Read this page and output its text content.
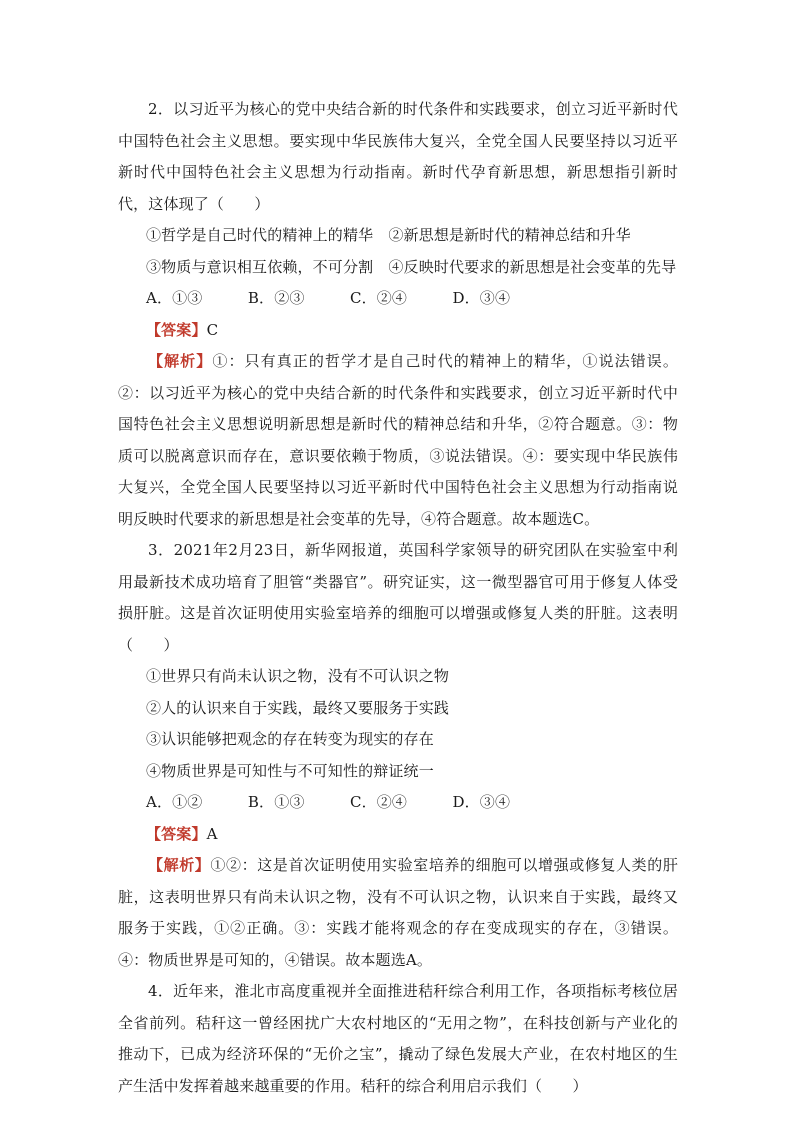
2．以习近平为核心的党中央结合新的时代条件和实践要求，创立习近平新时代中国特色社会主义思想。要实现中华民族伟大复兴，全党全国人民要坚持以习近平新时代中国特色社会主义思想为行动指南。新时代孕育新思想，新思想指引新时代，这体现了（　　）

①哲学是自己时代的精神上的精华　②新思想是新时代的精神总结和升华

③物质与意识相互依赖，不可分割　④反映时代要求的新思想是社会变革的先导

A．①③　　　B．②③　　　C．②④　　　D．③④

【答案】C

【解析】①：只有真正的哲学才是自己时代的精神上的精华，①说法错误。②：以习近平为核心的党中央结合新的时代条件和实践要求，创立习近平新时代中国特色社会主义思想说明新思想是新时代的精神总结和升华，②符合题意。③：物质可以脱离意识而存在，意识要依赖于物质，③说法错误。④：要实现中华民族伟大复兴，全党全国人民要坚持以习近平新时代中国特色社会主义思想为行动指南说明反映时代要求的新思想是社会变革的先导，④符合题意。故本题选C。

3．2021年2月23日，新华网报道，英国科学家领导的研究团队在实验室中利用最新技术成功培育了胆管“类器官”。研究证实，这一微型器官可用于修复人体受损肝脏。这是首次证明使用实验室培养的细胞可以增强或修复人类的肝脏。这表明（　　）

①世界只有尚未认识之物，没有不可认识之物

②人的认识来自于实践，最终又要服务于实践

③认识能够把观念的存在转变为现实的存在

④物质世界是可知性与不可知性的辩证统一

A．①②　　　B．①③　　　C．②④　　　D．③④

【答案】A

【解析】①②：这是首次证明使用实验室培养的细胞可以增强或修复人类的肝脏，这表明世界只有尚未认识之物，没有不可认识之物，认识来自于实践，最终又服务于实践，①②正确。③：实践才能将观念的存在变成现实的存在，③错误。④：物质世界是可知的，④错误。故本题选A。

4．近年来，淮北市高度重视并全面推进秸秆综合利用工作，各项指标考核位居全省前列。秸秆这一曾经困扰广大农村地区的“无用之物”，在科技创新与产业化的推动下，已成为经济环保的“无价之宝”，撬动了绿色发展大产业，在农村地区的生产生活中发挥着越来越重要的作用。秸秆的综合利用启示我们（　　）
